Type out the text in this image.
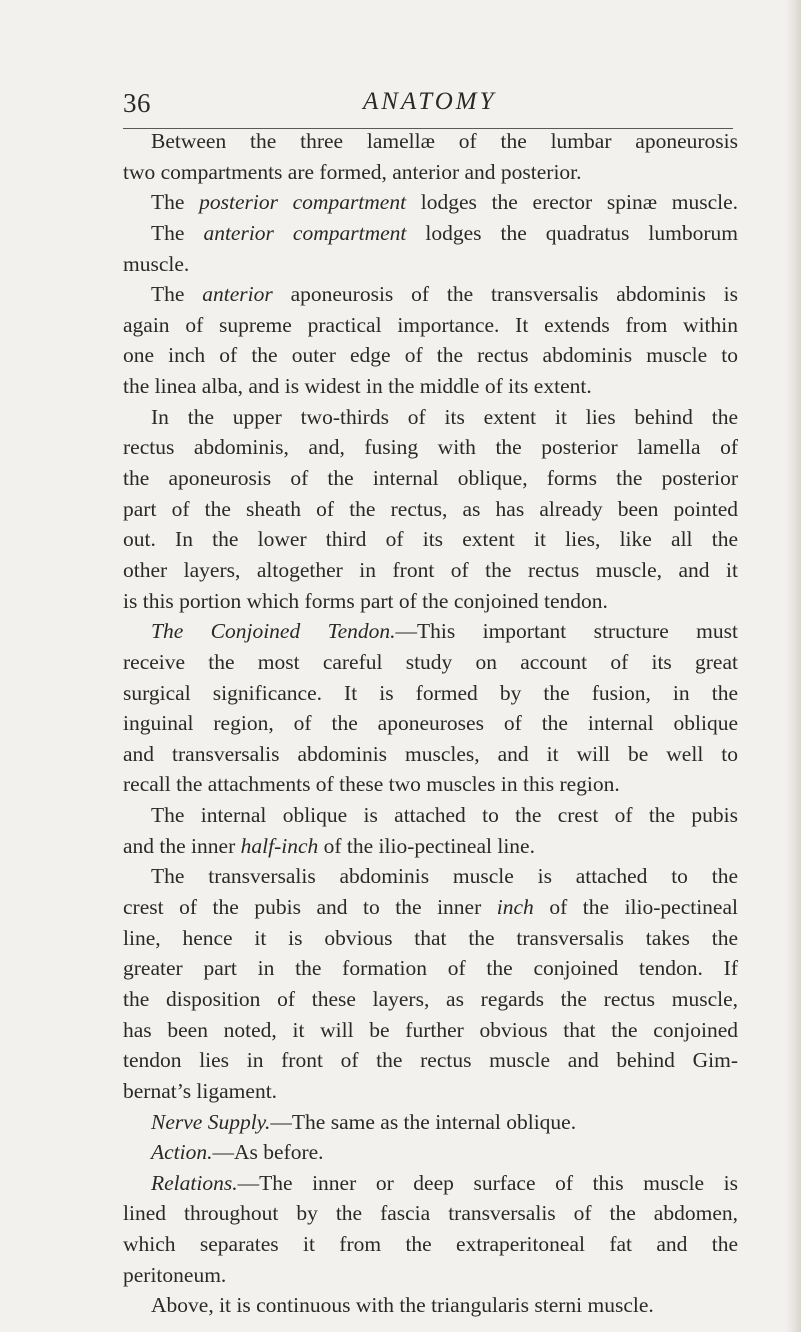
36	ANATOMY
Between the three lamellæ of the lumbar aponeurosis
two compartments are formed, anterior and posterior.
The posterior compartment lodges the erector spinæ muscle.
The anterior compartment lodges the quadratus lumborum
muscle.
The anterior aponeurosis of the transversalis abdominis is
again of supreme practical importance. It extends from within
one inch of the outer edge of the rectus abdominis muscle to
the linea alba, and is widest in the middle of its extent.
In the upper two-thirds of its extent it lies behind the
rectus abdominis, and, fusing with the posterior lamella of
the aponeurosis of the internal oblique, forms the posterior
part of the sheath of the rectus, as has already been pointed
out. In the lower third of its extent it lies, like all the
other layers, altogether in front of the rectus muscle, and it
is this portion which forms part of the conjoined tendon.
The Conjoined Tendon.—This important structure must
receive the most careful study on account of its great
surgical significance. It is formed by the fusion, in the
inguinal region, of the aponeuroses of the internal oblique
and transversalis abdominis muscles, and it will be well to
recall the attachments of these two muscles in this region.
The internal oblique is attached to the crest of the pubis
and the inner half-inch of the ilio-pectineal line.
The transversalis abdominis muscle is attached to the
crest of the pubis and to the inner inch of the ilio-pectineal
line, hence it is obvious that the transversalis takes the
greater part in the formation of the conjoined tendon. If
the disposition of these layers, as regards the rectus muscle,
has been noted, it will be further obvious that the conjoined
tendon lies in front of the rectus muscle and behind Gim-
bernat’s ligament.
Nerve Supply.—The same as the internal oblique.
Action.—As before.
Relations.—The inner or deep surface of this muscle is
lined throughout by the fascia transversalis of the abdomen,
which separates it from the extraperitoneal fat and the
peritoneum.
Above, it is continuous with the triangularis sterni muscle.
